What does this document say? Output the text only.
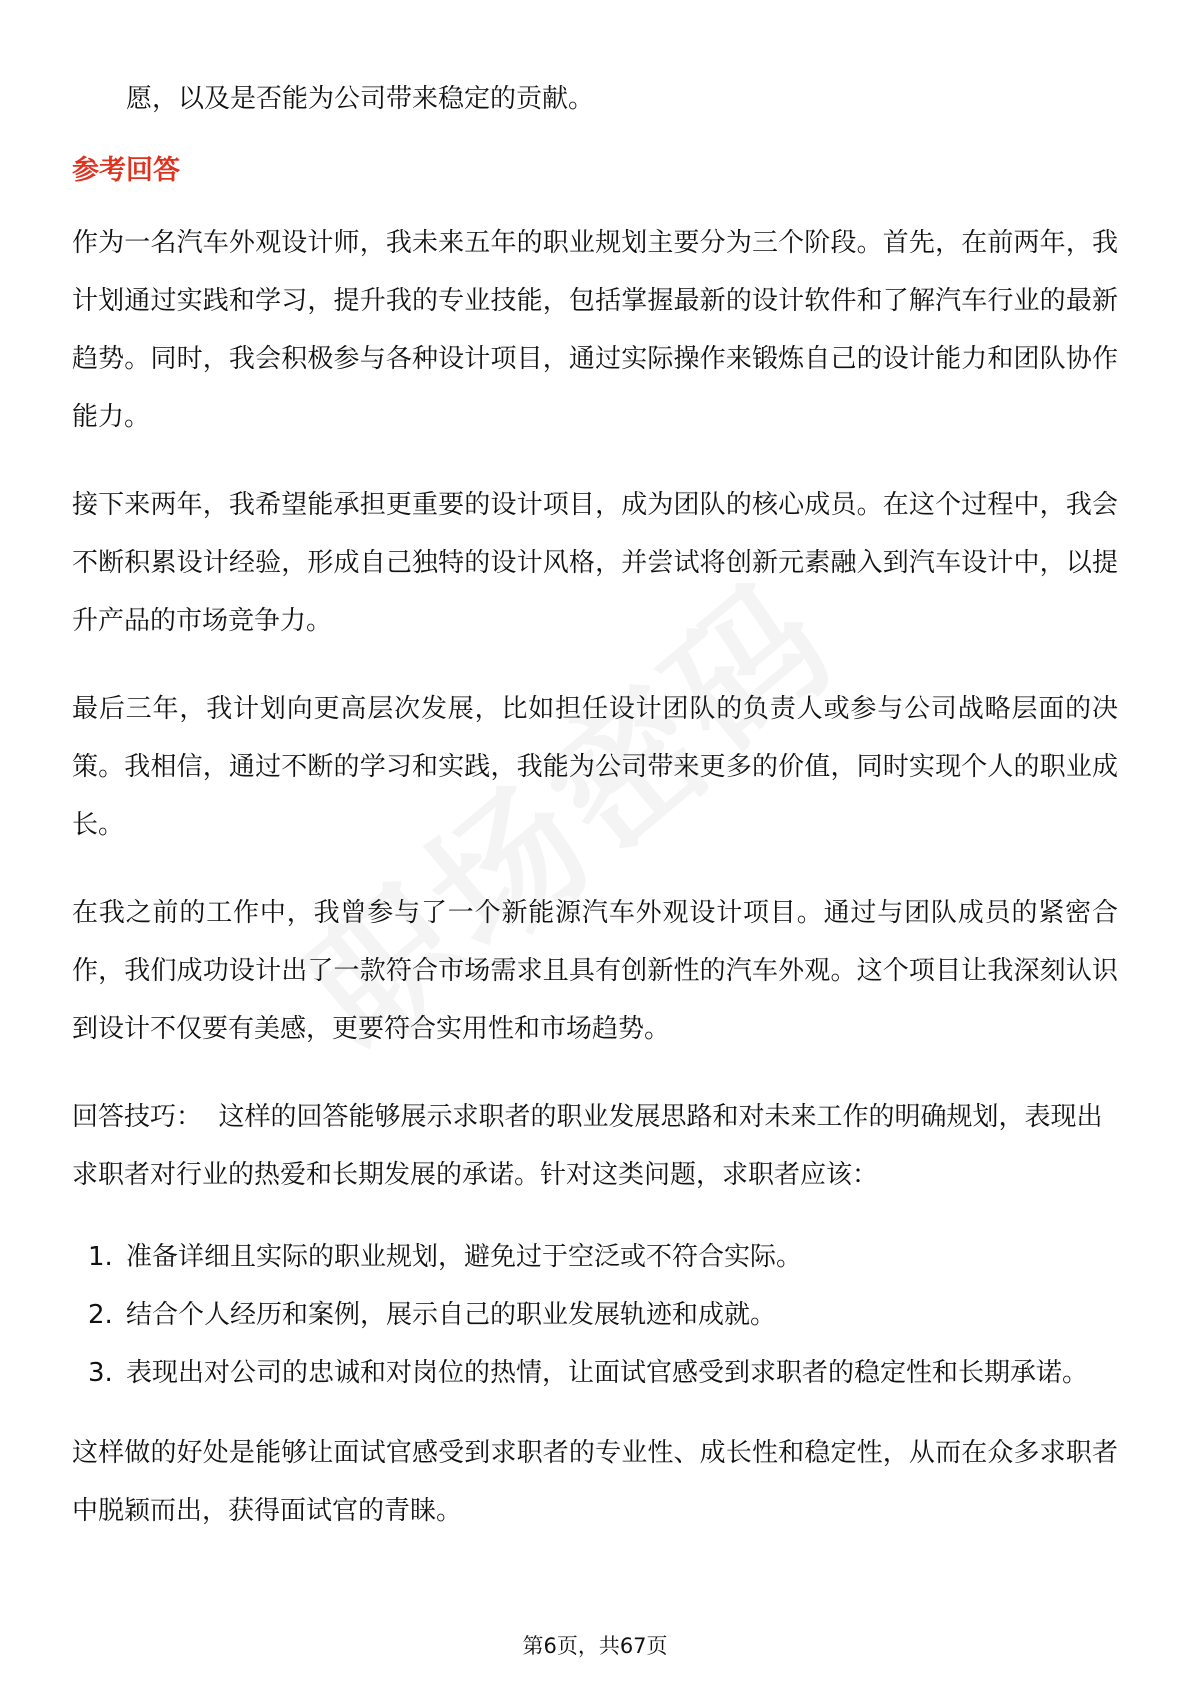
愿，以及是否能为公司带来稳定的贡献。

参考回答

作为一名汽车外观设计师，我未来五年的职业规划主要分为三个阶段。首先，在前两年，我计划通过实践和学习，提升我的专业技能，包括掌握最新的设计软件和了解汽车行业的最新趋势。同时，我会积极参与各种设计项目，通过实际操作来锻炼自己的设计能力和团队协作能力。

接下来两年，我希望能承担更重要的设计项目，成为团队的核心成员。在这个过程中，我会不断积累设计经验，形成自己独特的设计风格，并尝试将创新元素融入到汽车设计中，以提升产品的市场竞争力。

最后三年，我计划向更高层次发展，比如担任设计团队的负责人或参与公司战略层面的决策。我相信，通过不断的学习和实践，我能为公司带来更多的价值，同时实现个人的职业成长。

在我之前的工作中，我曾参与了一个新能源汽车外观设计项目。通过与团队成员的紧密合作，我们成功设计出了一款符合市场需求且具有创新性的汽车外观。这个项目让我深刻认识到设计不仅要有美感，更要符合实用性和市场趋势。

回答技巧： 这样的回答能够展示求职者的职业发展思路和对未来工作的明确规划，表现出求职者对行业的热爱和长期发展的承诺。针对这类问题，求职者应该：

1. 准备详细且实际的职业规划，避免过于空泛或不符合实际。
2. 结合个人经历和案例，展示自己的职业发展轨迹和成就。
3. 表现出对公司的忠诚和对岗位的热情，让面试官感受到求职者的稳定性和长期承诺。

这样做的好处是能够让面试官感受到求职者的专业性、成长性和稳定性，从而在众多求职者中脱颖而出，获得面试官的青睐。

第6页，共67页
